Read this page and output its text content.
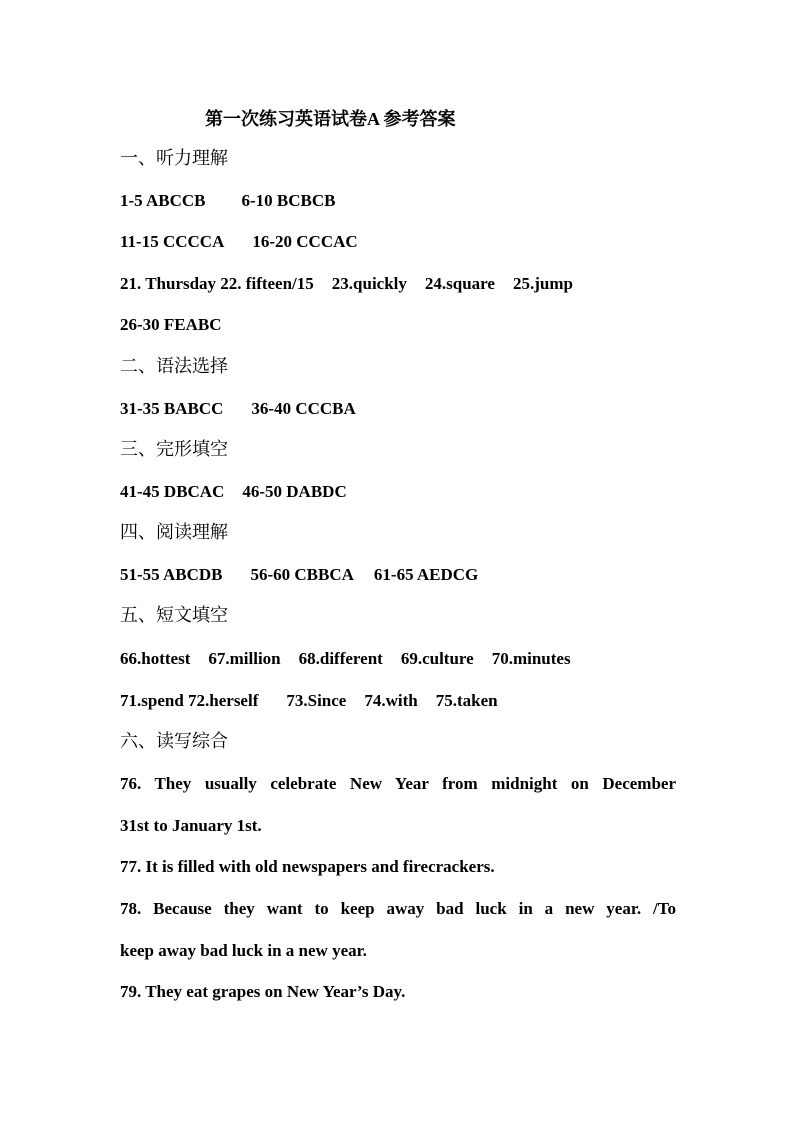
第一次练习英语试卷A 参考答案
一、听力理解
1-5 ABCCB 6-10 BCBCB
11-15 CCCCA 16-20 CCCAC
21. Thursday 22. fifteen/15 23.quickly 24.square 25.jump
26-30 FEABC
二、语法选择
31-35 BABCC 36-40 CCCBA
三、完形填空
41-45 DBCAC 46-50 DABDC
四、阅读理解
51-55 ABCDB 56-60 CBBCA 61-65 AEDCG
五、短文填空
66.hottest 67.million 68.different 69.culture 70.minutes
71.spend 72.herself 73.Since 74.with 75.taken
六、读写综合
76. They usually celebrate New Year from midnight on December
31st to January 1st.
77. It is filled with old newspapers and firecrackers.
78. Because they want to keep away bad luck in a new year. /To
keep away bad luck in a new year.
79. They eat grapes on New Year’s Day.
